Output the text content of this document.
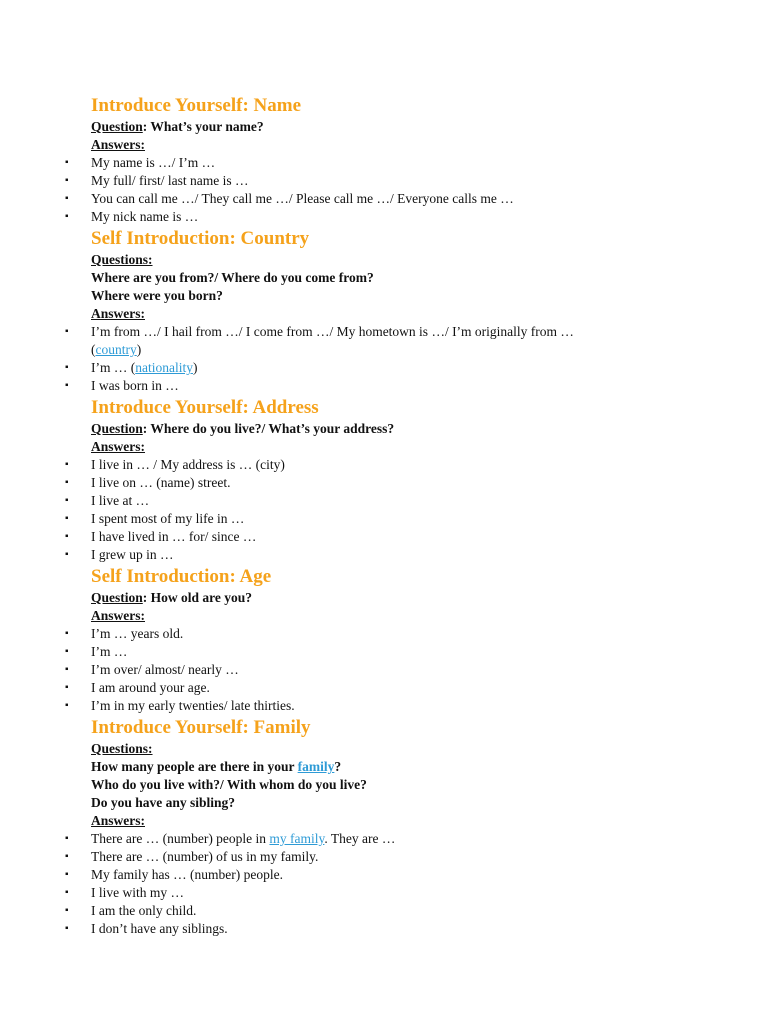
Introduce Yourself: Name
Question: What’s your name?
Answers:
▪ My name is …/ I’m …
▪ My full/ first/ last name is …
▪ You can call me …/ They call me …/ Please call me …/ Everyone calls me …
▪ My nick name is …
Self Introduction: Country
Questions:
Where are you from?/ Where do you come from?
Where were you born?
Answers:
▪ I’m from …/ I hail from …/ I come from …/ My hometown is …/ I’m originally from …
(country)
▪ I’m … (nationality)
▪ I was born in …
Introduce Yourself: Address
Question: Where do you live?/ What’s your address?
Answers:
▪ I live in … / My address is … (city)
▪ I live on … (name) street.
▪ I live at …
▪ I spent most of my life in …
▪ I have lived in … for/ since …
▪ I grew up in …
Self Introduction: Age
Question: How old are you?
Answers:
▪ I’m … years old.
▪ I’m …
▪ I’m over/ almost/ nearly …
▪ I am around your age.
▪ I’m in my early twenties/ late thirties.
Introduce Yourself: Family
Questions:
How many people are there in your family?
Who do you live with?/ With whom do you live?
Do you have any sibling?
Answers:
▪ There are … (number) people in my family. They are …
▪ There are … (number) of us in my family.
▪ My family has … (number) people.
▪ I live with my …
▪ I am the only child.
▪ I don’t have any siblings.
